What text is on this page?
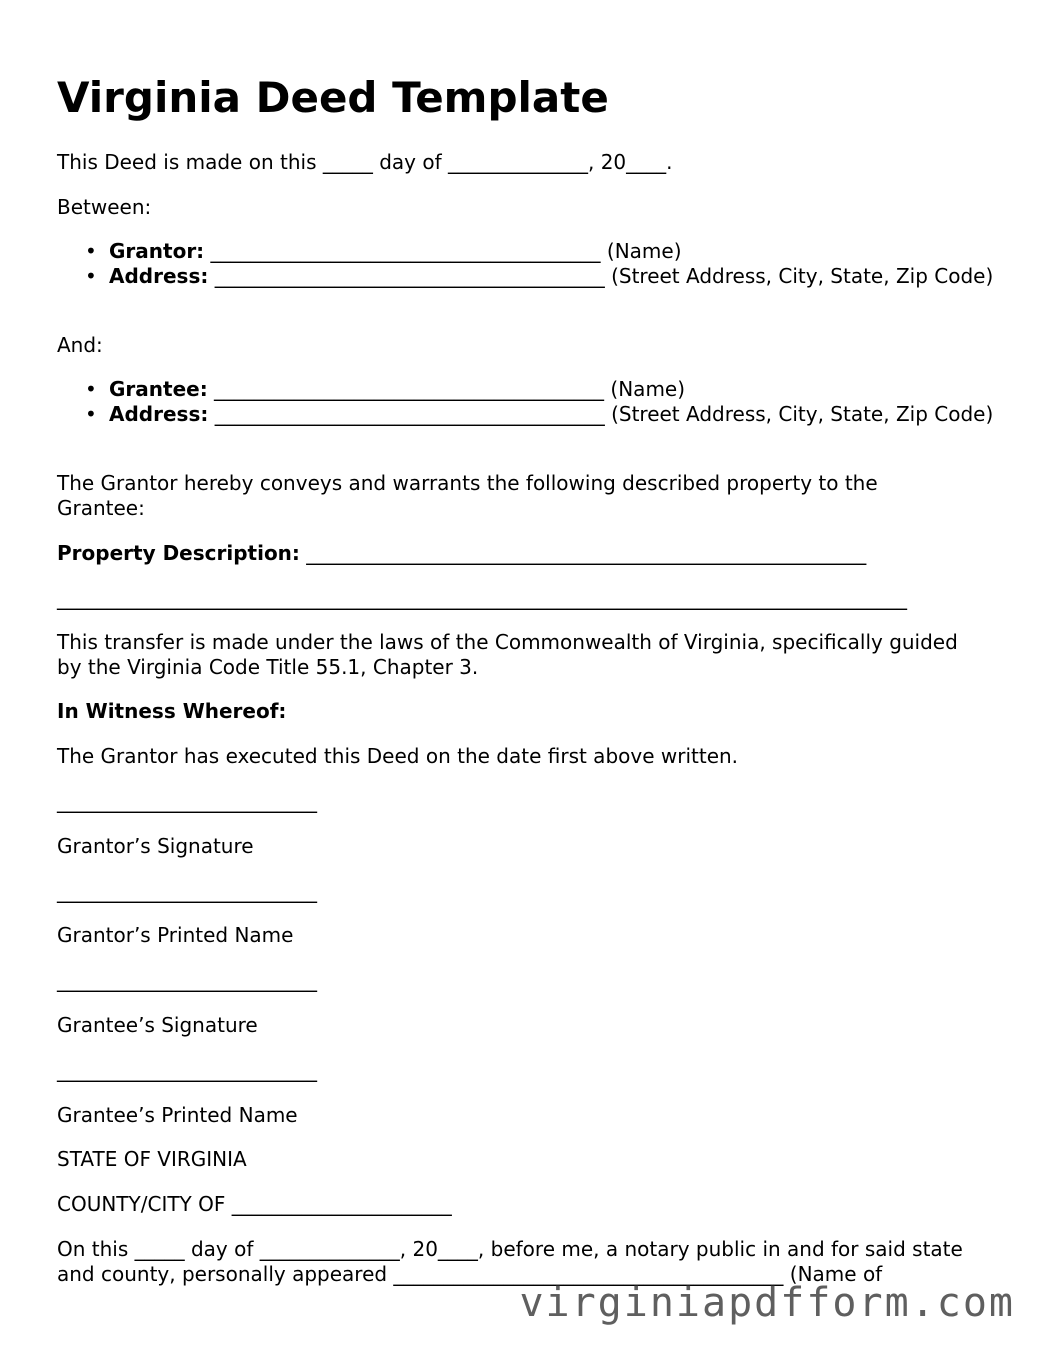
Virginia Deed Template
This Deed is made on this _____ day of ______________, 20____.
Between:
• Grantor: _______________________________________ (Name)
• Address: _______________________________________ (Street Address, City, State, Zip Code)
And:
• Grantee: _______________________________________ (Name)
• Address: _______________________________________ (Street Address, City, State, Zip Code)
The Grantor hereby conveys and warrants the following described property to the Grantee:
Property Description: ________________________________________________________
_____________________________________________________________________________________
This transfer is made under the laws of the Commonwealth of Virginia, specifically guided by the Virginia Code Title 55.1, Chapter 3.
In Witness Whereof:
The Grantor has executed this Deed on the date first above written.
__________________________
Grantor’s Signature
__________________________
Grantor’s Printed Name
__________________________
Grantee’s Signature
__________________________
Grantee’s Printed Name
STATE OF VIRGINIA
COUNTY/CITY OF ______________________
On this _____ day of ______________, 20____, before me, a notary public in and for said state and county, personally appeared _______________________________________ (Name of
virginiapdfform.com
